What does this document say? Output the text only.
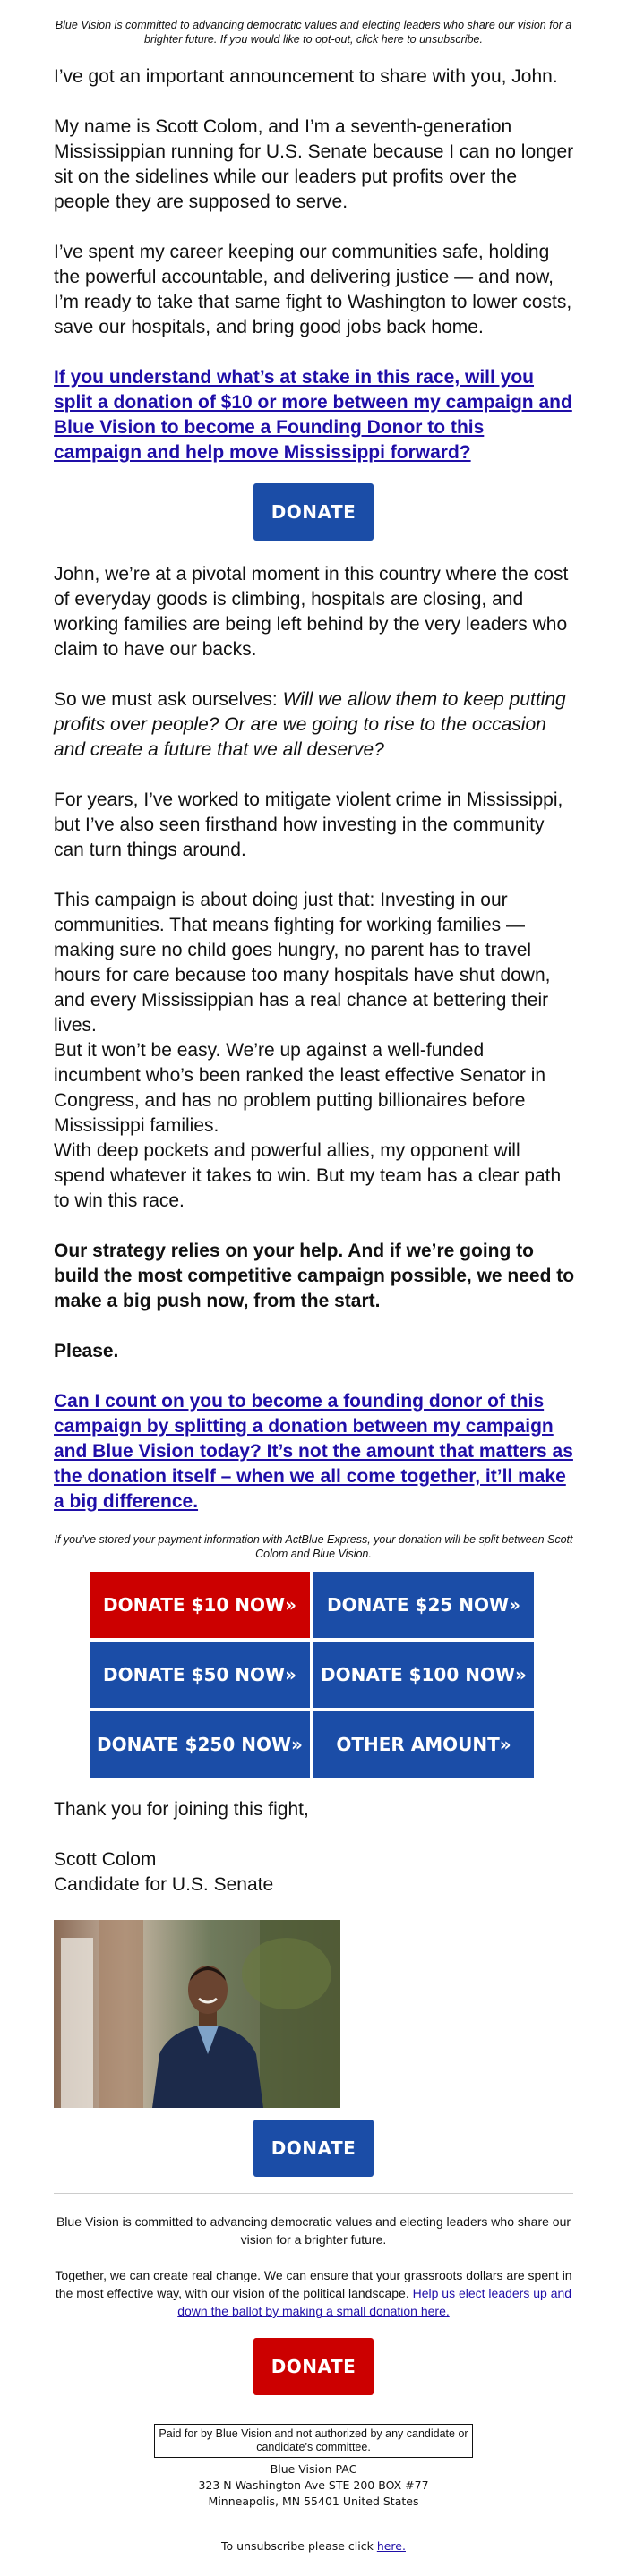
Blue Vision is committed to advancing democratic values and electing leaders who share our vision for a brighter future. If you would like to opt-out, click here to unsubscribe.

I’ve got an important announcement to share with you, John.

My name is Scott Colom, and I’m a seventh-generation Mississippian running for U.S. Senate because I can no longer sit on the sidelines while our leaders put profits over the people they are supposed to serve.

I’ve spent my career keeping our communities safe, holding the powerful accountable, and delivering justice — and now, I’m ready to take that same fight to Washington to lower costs, save our hospitals, and bring good jobs back home.

If you understand what’s at stake in this race, will you split a donation of $10 or more between my campaign and Blue Vision to become a Founding Donor to this campaign and help move Mississippi forward?

DONATE

John, we’re at a pivotal moment in this country where the cost of everyday goods is climbing, hospitals are closing, and working families are being left behind by the very leaders who claim to have our backs.

So we must ask ourselves: Will we allow them to keep putting profits over people? Or are we going to rise to the occasion and create a future that we all deserve?

For years, I’ve worked to mitigate violent crime in Mississippi, but I’ve also seen firsthand how investing in the community can turn things around.

This campaign is about doing just that: Investing in our communities. That means fighting for working families — making sure no child goes hungry, no parent has to travel hours for care because too many hospitals have shut down, and every Mississippian has a real chance at bettering their lives.

But it won’t be easy. We’re up against a well-funded incumbent who’s been ranked the least effective Senator in Congress, and has no problem putting billionaires before Mississippi families.

With deep pockets and powerful allies, my opponent will spend whatever it takes to win. But my team has a clear path to win this race.

Our strategy relies on your help. And if we’re going to build the most competitive campaign possible, we need to make a big push now, from the start.

Please.

Can I count on you to become a founding donor of this campaign by splitting a donation between my campaign and Blue Vision today? It’s not the amount that matters as the donation itself – when we all come together, it’ll make a big difference.

If you’ve stored your payment information with ActBlue Express, your donation will be split between Scott Colom and Blue Vision.
DONATE $10 NOW»	DONATE $25 NOW»
DONATE $50 NOW»	DONATE $100 NOW»
DONATE $250 NOW»	OTHER AMOUNT»

Thank you for joining this fight,

Scott Colom

Candidate for U.S. Senate

DONATE
Blue Vision is committed to advancing democratic values and electing leaders who share our vision for a brighter future.
Together, we can create real change. We can ensure that your grassroots dollars are spent in the most effective way, with our vision of the political landscape. Help us elect leaders up and down the ballot by making a small donation here.
DONATE
Paid for by Blue Vision and not authorized by any candidate or candidate’s committee.
Blue Vision PAC
323 N Washington Ave STE 200 BOX #77
Minneapolis, MN 55401 United States
To unsubscribe please click here.
